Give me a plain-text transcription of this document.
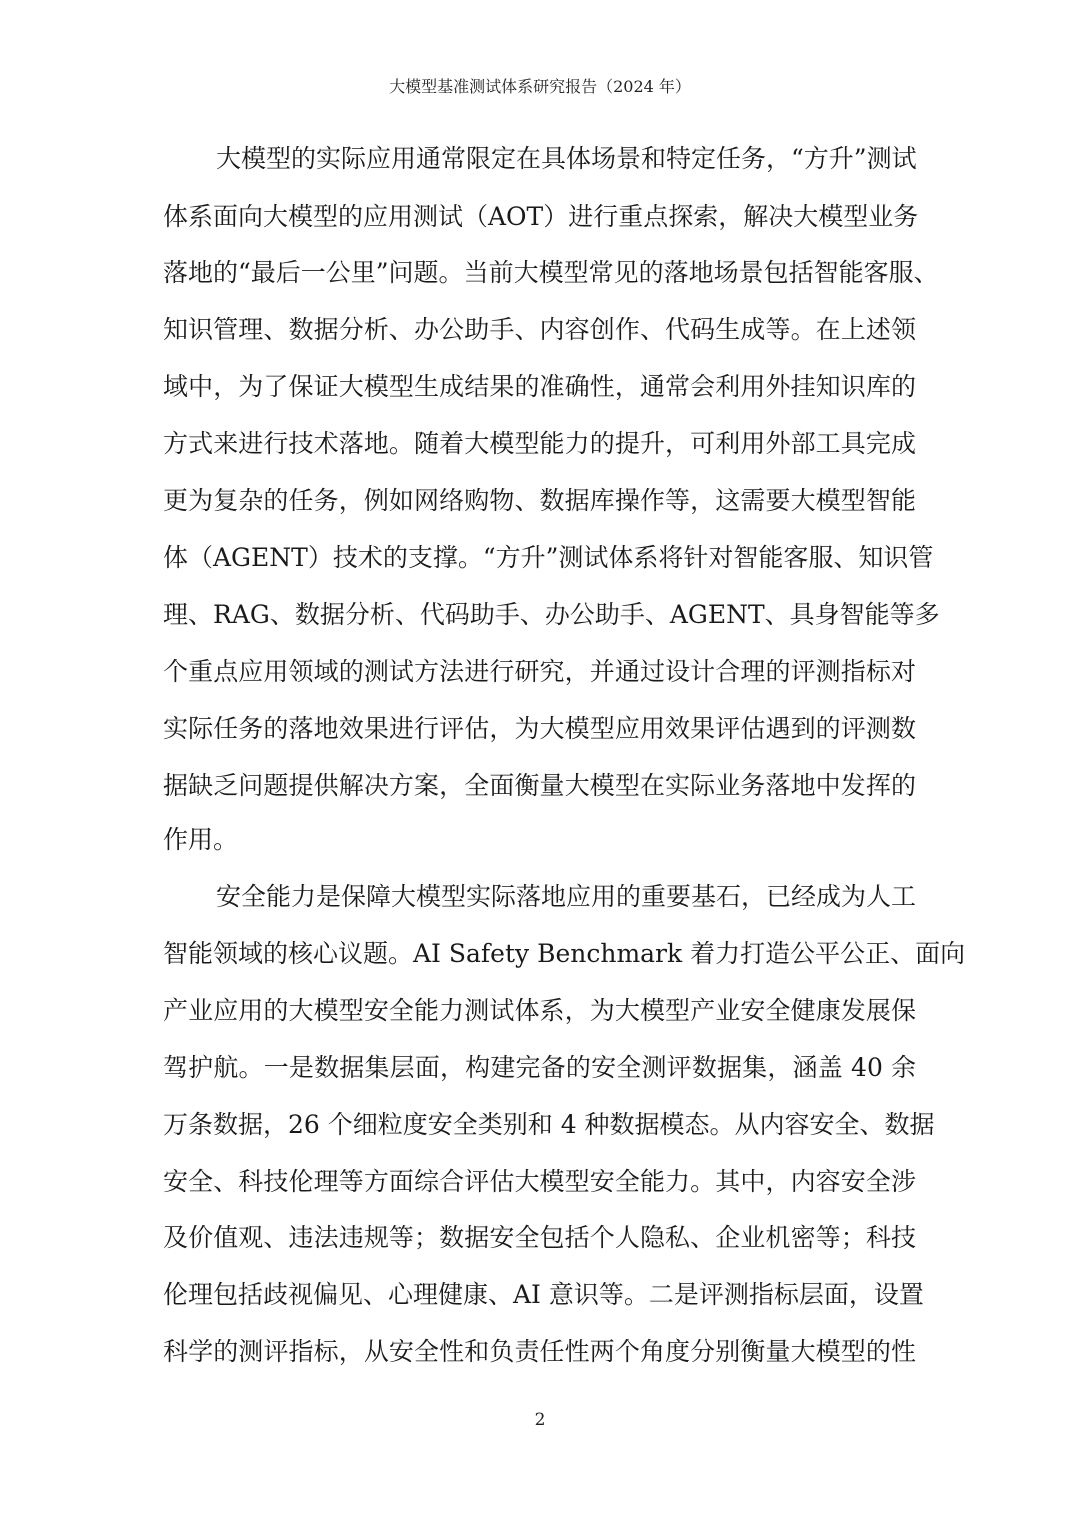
大模型基准测试体系研究报告（2024 年）
大模型的实际应用通常限定在具体场景和特定任务，“方升”测试
体系面向大模型的应用测试（AOT）进行重点探索，解决大模型业务
落地的“最后一公里”问题。当前大模型常见的落地场景包括智能客服、
知识管理、数据分析、办公助手、内容创作、代码生成等。在上述领
域中，为了保证大模型生成结果的准确性，通常会利用外挂知识库的
方式来进行技术落地。随着大模型能力的提升，可利用外部工具完成
更为复杂的任务，例如网络购物、数据库操作等，这需要大模型智能
体（AGENT）技术的支撑。“方升”测试体系将针对智能客服、知识管
理、RAG、数据分析、代码助手、办公助手、AGENT、具身智能等多
个重点应用领域的测试方法进行研究，并通过设计合理的评测指标对
实际任务的落地效果进行评估，为大模型应用效果评估遇到的评测数
据缺乏问题提供解决方案，全面衡量大模型在实际业务落地中发挥的
作用。
安全能力是保障大模型实际落地应用的重要基石，已经成为人工
智能领域的核心议题。AI Safety Benchmark 着力打造公平公正、面向
产业应用的大模型安全能力测试体系，为大模型产业安全健康发展保
驾护航。一是数据集层面，构建完备的安全测评数据集，涵盖 40 余
万条数据，26 个细粒度安全类别和 4 种数据模态。从内容安全、数据
安全、科技伦理等方面综合评估大模型安全能力。其中，内容安全涉
及价值观、违法违规等；数据安全包括个人隐私、企业机密等；科技
伦理包括歧视偏见、心理健康、AI 意识等。二是评测指标层面，设置
科学的测评指标，从安全性和负责任性两个角度分别衡量大模型的性
2
